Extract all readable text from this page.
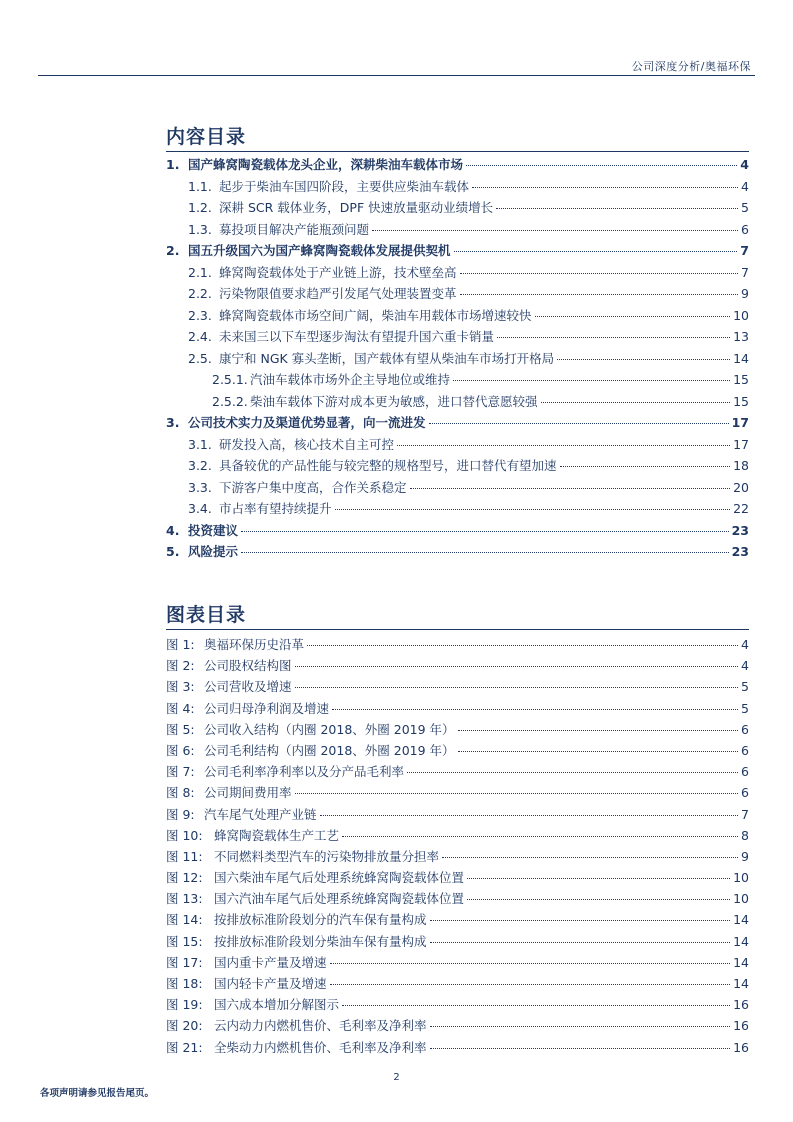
公司深度分析/奥福环保
内容目录
1. 国产蜂窝陶瓷载体龙头企业，深耕柴油车载体市场	4
1.1. 起步于柴油车国四阶段，主要供应柴油车载体	4
1.2. 深耕 SCR 载体业务，DPF 快速放量驱动业绩增长	5
1.3. 募投项目解决产能瓶颈问题	6
2. 国五升级国六为国产蜂窝陶瓷载体发展提供契机	7
2.1. 蜂窝陶瓷载体处于产业链上游，技术壁垒高	7
2.2. 污染物限值要求趋严引发尾气处理装置变革	9
2.3. 蜂窝陶瓷载体市场空间广阔，柴油车用载体市场增速较快	10
2.4. 未来国三以下车型逐步淘汰有望提升国六重卡销量	13
2.5. 康宁和 NGK 寡头垄断，国产载体有望从柴油车市场打开格局	14
2.5.1. 汽油车载体市场外企主导地位或维持	15
2.5.2. 柴油车载体下游对成本更为敏感，进口替代意愿较强	15
3. 公司技术实力及渠道优势显著，向一流进发	17
3.1. 研发投入高，核心技术自主可控	17
3.2. 具备较优的产品性能与较完整的规格型号，进口替代有望加速	18
3.3. 下游客户集中度高，合作关系稳定	20
3.4. 市占率有望持续提升	22
4. 投资建议	23
5. 风险提示	23
图表目录
图 1: 奥福环保历史沿革	4
图 2: 公司股权结构图	4
图 3: 公司营收及增速	5
图 4: 公司归母净利润及增速	5
图 5: 公司收入结构（内圈 2018、外圈 2019 年）	6
图 6: 公司毛利结构（内圈 2018、外圈 2019 年）	6
图 7: 公司毛利率净利率以及分产品毛利率	6
图 8: 公司期间费用率	6
图 9: 汽车尾气处理产业链	7
图 10: 蜂窝陶瓷载体生产工艺	8
图 11: 不同燃料类型汽车的污染物排放量分担率	9
图 12: 国六柴油车尾气后处理系统蜂窝陶瓷载体位置	10
图 13: 国六汽油车尾气后处理系统蜂窝陶瓷载体位置	10
图 14: 按排放标准阶段划分的汽车保有量构成	14
图 15: 按排放标准阶段划分柴油车保有量构成	14
图 17: 国内重卡产量及增速	14
图 18: 国内轻卡产量及增速	14
图 19: 国六成本增加分解图示	16
图 20: 云内动力内燃机售价、毛利率及净利率	16
图 21: 全柴动力内燃机售价、毛利率及净利率	16
2
各项声明请参见报告尾页。
